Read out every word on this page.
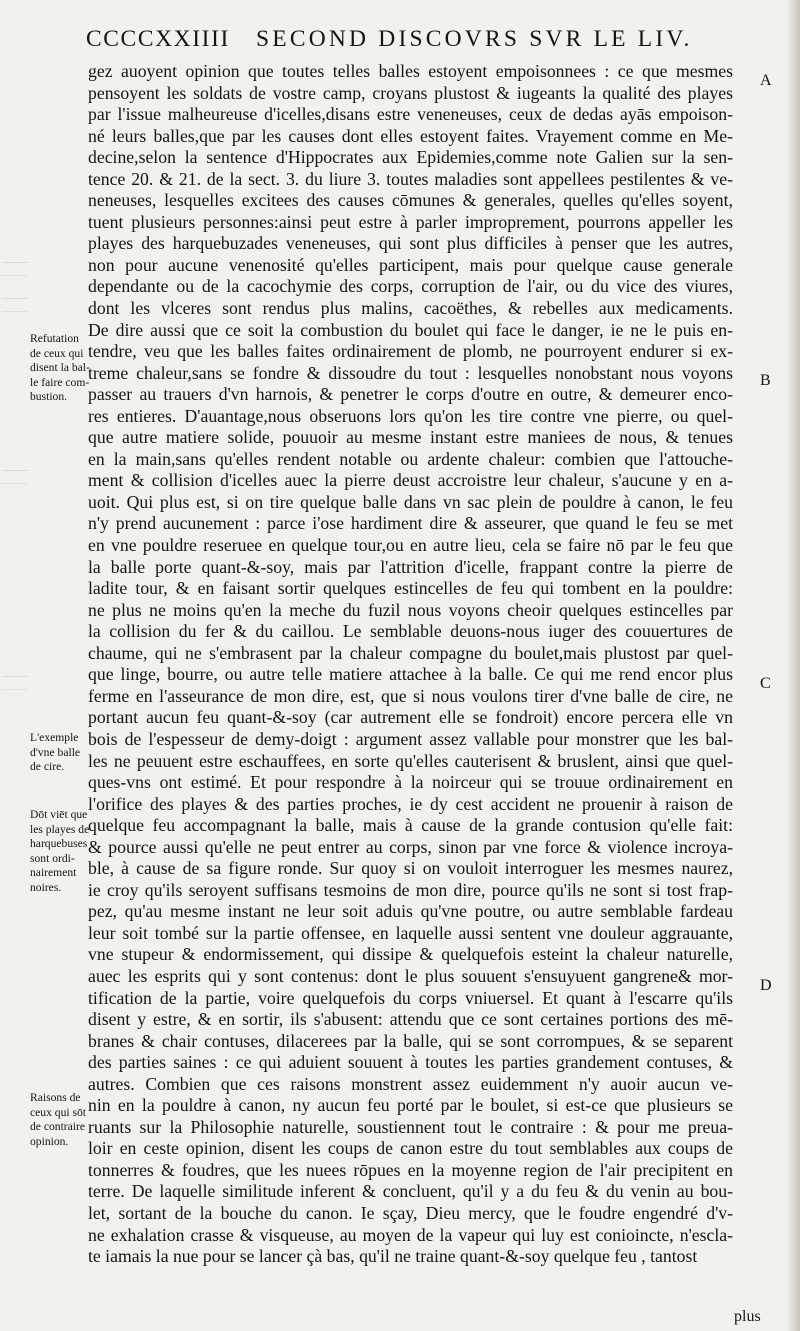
CCCCXXIIII SECOND DISCOVRS SVR LE LIV.
gez auoyent opinion que toutes telles balles estoyent empoisonnees : ce que mesmes
pensoyent les soldats de vostre camp, croyans plustost & iugeants la qualité des playes
par l'issue malheureuse d'icelles,disans estre veneneuses, ceux de dedas ayās empoison-
né leurs balles,que par les causes dont elles estoyent faites. Vrayement comme en Me-
decine,selon la sentence d'Hippocrates aux Epidemies,comme note Galien sur la sen-
tence 20. & 21. de la sect. 3. du liure 3. toutes maladies sont appellees pestilentes & ve-
neneuses, lesquelles excitees des causes cōmunes & generales, quelles qu'elles soyent,
tuent plusieurs personnes:ainsi peut estre à parler improprement, pourrons appeller les
playes des harquebuzades veneneuses, qui sont plus difficiles à penser que les autres,
non pour aucune venenosité qu'elles participent, mais pour quelque cause generale
dependante ou de la cacochymie des corps, corruption de l'air, ou du vice des viures,
dont les vlceres sont rendus plus malins, cacoëthes, & rebelles aux medicaments.
De dire aussi que ce soit la combustion du boulet qui face le danger, ie ne le puis en-
tendre, veu que les balles faites ordinairement de plomb, ne pourroyent endurer si ex-
treme chaleur,sans se fondre & dissoudre du tout : lesquelles nonobstant nous voyons
passer au trauers d'vn harnois, & penetrer le corps d'outre en outre, & demeurer enco-
res entieres. D'auantage,nous obseruons lors qu'on les tire contre vne pierre, ou quel-
que autre matiere solide, pouuoir au mesme instant estre maniees de nous, & tenues
en la main,sans qu'elles rendent notable ou ardente chaleur: combien que l'attouche-
ment & collision d'icelles auec la pierre deust accroistre leur chaleur, s'aucune y en a-
uoit. Qui plus est, si on tire quelque balle dans vn sac plein de pouldre à canon, le feu
n'y prend aucunement : parce i'ose hardiment dire & asseurer, que quand le feu se met
en vne pouldre reseruee en quelque tour,ou en autre lieu, cela se faire nō par le feu que
la balle porte quant-&-soy, mais par l'attrition d'icelle, frappant contre la pierre de
ladite tour, & en faisant sortir quelques estincelles de feu qui tombent en la pouldre:
ne plus ne moins qu'en la meche du fuzil nous voyons cheoir quelques estincelles par
la collision du fer & du caillou. Le semblable deuons-nous iuger des couuertures de
chaume, qui ne s'embrasent par la chaleur compagne du boulet,mais plustost par quel-
que linge, bourre, ou autre telle matiere attachee à la balle. Ce qui me rend encor plus
ferme en l'asseurance de mon dire, est, que si nous voulons tirer d'vne balle de cire, ne
portant aucun feu quant-&-soy (car autrement elle se fondroit) encore percera elle vn
bois de l'espesseur de demy-doigt : argument assez vallable pour monstrer que les bal-
les ne peuuent estre eschauffees, en sorte qu'elles cauterisent & bruslent, ainsi que quel-
ques-vns ont estimé. Et pour respondre à la noirceur qui se trouue ordinairement en
l'orifice des playes & des parties proches, ie dy cest accident ne prouenir à raison de
quelque feu accompagnant la balle, mais à cause de la grande contusion qu'elle fait:
& pource aussi qu'elle ne peut entrer au corps, sinon par vne force & violence incroya-
ble, à cause de sa figure ronde. Sur quoy si on vouloit interroguer les mesmes naurez,
ie croy qu'ils seroyent suffisans tesmoins de mon dire, pource qu'ils ne sont si tost frap-
pez, qu'au mesme instant ne leur soit aduis qu'vne poutre, ou autre semblable fardeau
leur soit tombé sur la partie offensee, en laquelle aussi sentent vne douleur aggrauante,
vne stupeur & endormissement, qui dissipe & quelquefois esteint la chaleur naturelle,
auec les esprits qui y sont contenus: dont le plus souuent s'ensuyuent gangrene& mor-
tification de la partie, voire quelquefois du corps vniuersel. Et quant à l'escarre qu'ils
disent y estre, & en sortir, ils s'abusent: attendu que ce sont certaines portions des mē-
branes & chair contuses, dilacerees par la balle, qui se sont corrompues, & se separent
des parties saines : ce qui aduient souuent à toutes les parties grandement contuses, &
autres. Combien que ces raisons monstrent assez euidemment n'y auoir aucun ve-
nin en la pouldre à canon, ny aucun feu porté par le boulet, si est-ce que plusieurs se
ruants sur la Philosophie naturelle, soustiennent tout le contraire : & pour me preua-
loir en ceste opinion, disent les coups de canon estre du tout semblables aux coups de
tonnerres & foudres, que les nuees rōpues en la moyenne region de l'air precipitent en
terre. De laquelle similitude inferent & concluent, qu'il y a du feu & du venin au bou-
let, sortant de la bouche du canon. Ie sçay, Dieu mercy, que le foudre engendré d'v-
ne exhalation crasse & visqueuse, au moyen de la vapeur qui luy est conioincte, n'escla-
te iamais la nue pour se lancer çà bas, qu'il ne traine quant-&-soy quelque feu , tantost
Refutation
de ceux qui
disent la bal-
le faire com-
bustion.
L'exemple
d'vne balle
de cire.
Dōt viēt que
les playes de
harquebuses
sont ordi-
nairement
noires.
Raisons de
ceux qui sōt
de contraire
opinion.
A
B
C
D
plus
